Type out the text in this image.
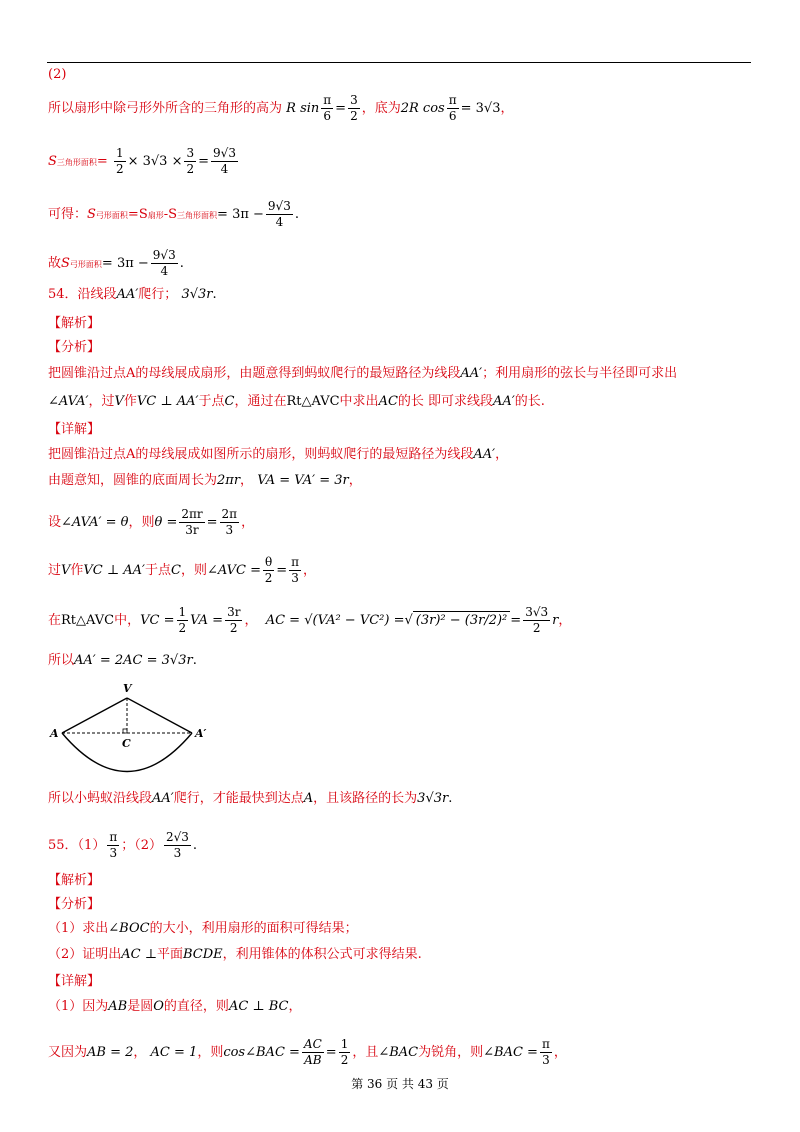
(2)
所以扇形中除弓形外所含的三角形的高为 R $\sin \frac{\pi}{6} = \frac{3}{2}$ ，底为2R $\cos \frac{\pi}{6} = 3√3$，
S三角形面积= $\frac{1}{2} \times 3√3 \times \frac{3}{2} = \frac{9√3}{4}$
可得：S弓形面积=S扇形-S三角形面积= $3\pi - \frac{9√3}{4}$ .
故S弓形面积= $3\pi - \frac{9√3}{4}$ .
54．沿线段AA′爬行； 3√3r.
【解析】
【分析】
把圆锥沿过点A的母线展成扇形，由题意得到蚂蚁爬行的最短路径为线段AA′；利用扇形的弦长与半径即可求出
∠AVA′，过V作VC ⊥ AA′于点C，通过在Rt△AVC中求出AC的长 即可求线段AA′的长.
【详解】
把圆锥沿过点A的母线展成如图所示的扇形，则蚂蚁爬行的最短路径为线段AA′，
由题意知，圆锥的底面周长为2πr， VA = VA′ = 3r，
设∠AVA′ = θ，则$\theta = \frac{2\pi r}{3r} = \frac{2\pi}{3}$ ，
过V作VC ⊥ AA′于点C，则∠AVC = $\frac{\theta}{2} = \frac{\pi}{3}$ ，
在Rt△AVC中，VC = $\frac{1}{2}$ VA = $\frac{3r}{2}$ ， AC = √(VA² − VC²) =√ $(3r)^2 - (3r/2)^2 = \frac{3√3}{2}$ r，
所以AA′ = 2AC = 3√3r.
V
A	A′
C
所以小蚂蚁沿线段AA′爬行，才能最快到达点A，且该路径的长为3√3r.
55．$(1) \frac{\pi}{3}$ ；$(2) \frac{2√3}{3}$ .
【解析】
【分析】
（1）求出∠BOC的大小，利用扇形的面积可得结果；
（2）证明出AC ⊥平面BCDE，利用锥体的体积公式可求得结果.
【详解】
（1）因为AB是圆O的直径，则AC ⊥ BC，
又因为AB = 2， AC = 1，则cos∠BAC = $\frac{AC}{AB} = \frac{1}{2}$ ，且∠BAC为锐角，则∠BAC = $\frac{\pi}{3}$ ，
第 36 页 共 43 页
